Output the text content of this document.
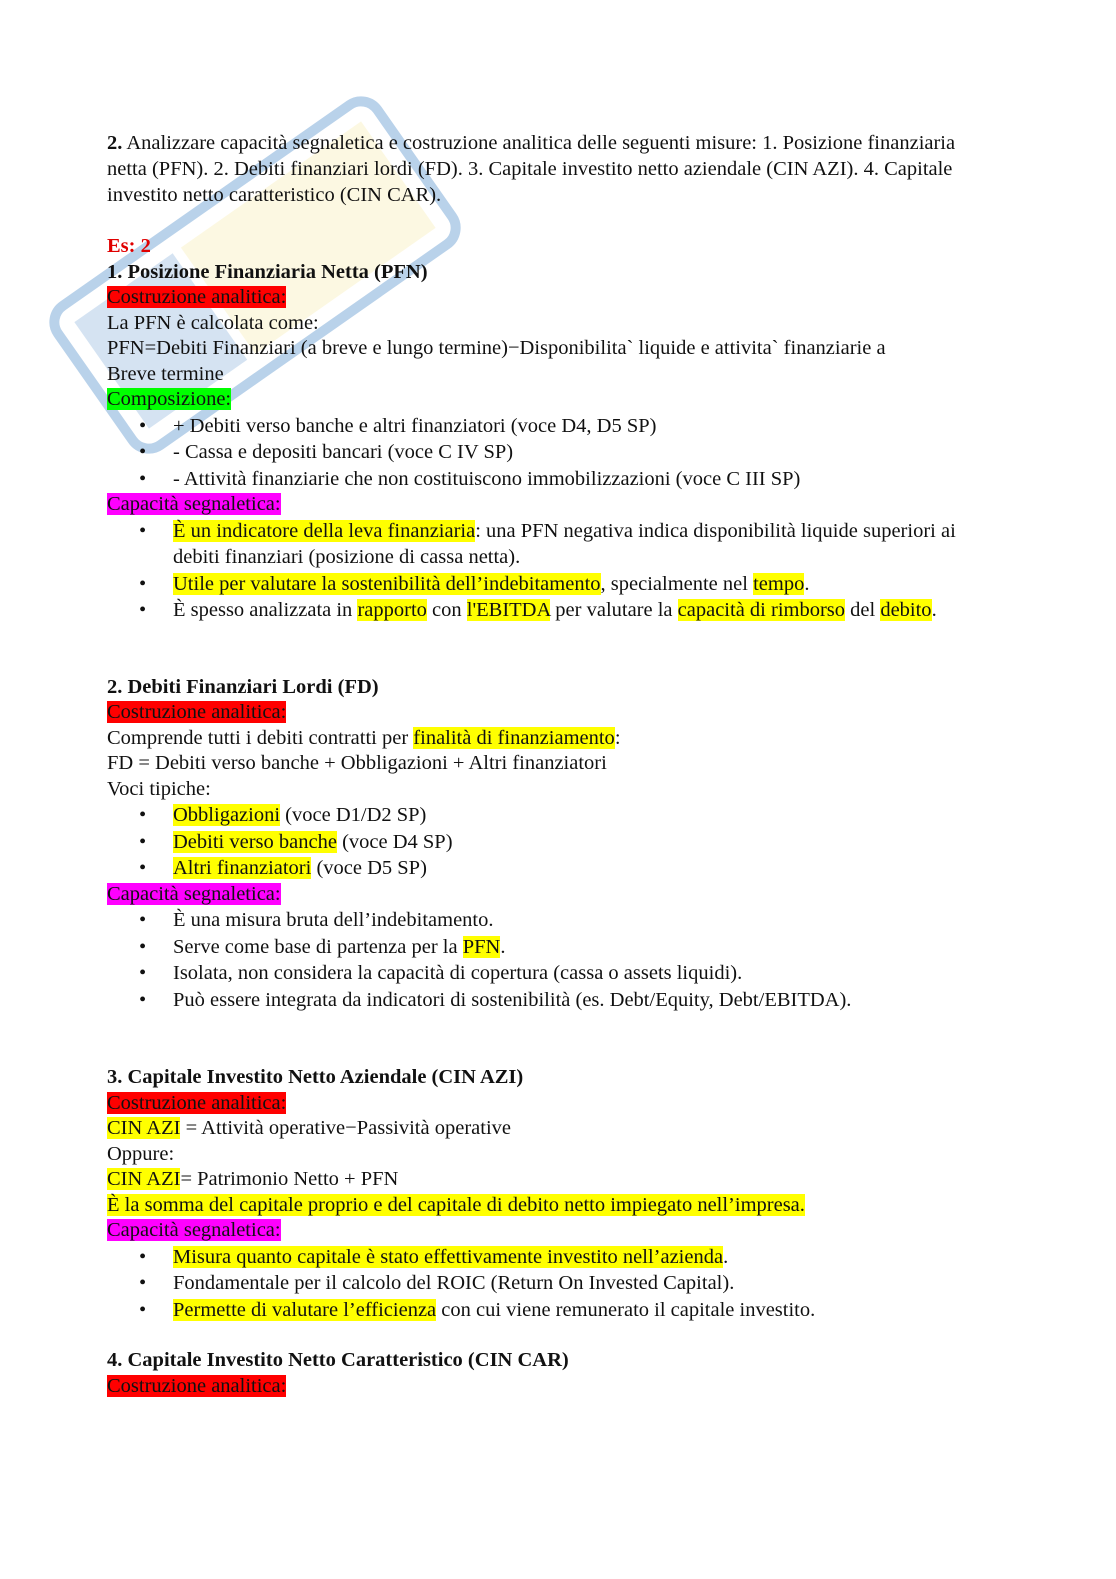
2. Analizzare capacità segnaletica e costruzione analitica delle seguenti misure: 1. Posizione finanziaria netta (PFN). 2. Debiti finanziari lordi (FD). 3. Capitale investito netto aziendale (CIN AZI). 4. Capitale investito netto caratteristico (CIN CAR).
Es: 2
1. Posizione Finanziaria Netta (PFN)
Costruzione analitica:
La PFN è calcolata come:
PFN=Debiti Finanziari (a breve e lungo termine)−Disponibilita` liquide e attivita` finanziarie a
Breve termine
Composizione:
• + Debiti verso banche e altri finanziatori (voce D4, D5 SP)
• - Cassa e depositi bancari (voce C IV SP)
• - Attività finanziarie che non costituiscono immobilizzazioni (voce C III SP)
Capacità segnaletica:
• È un indicatore della leva finanziaria: una PFN negativa indica disponibilità liquide superiori ai debiti finanziari (posizione di cassa netta).
• Utile per valutare la sostenibilità dell’indebitamento, specialmente nel tempo.
• È spesso analizzata in rapporto con l'EBITDA per valutare la capacità di rimborso del debito.
2. Debiti Finanziari Lordi (FD)
Costruzione analitica:
Comprende tutti i debiti contratti per finalità di finanziamento:
FD = Debiti verso banche + Obbligazioni + Altri finanziatori
Voci tipiche:
• Obbligazioni (voce D1/D2 SP)
• Debiti verso banche (voce D4 SP)
• Altri finanziatori (voce D5 SP)
Capacità segnaletica:
• È una misura bruta dell’indebitamento.
• Serve come base di partenza per la PFN.
• Isolata, non considera la capacità di copertura (cassa o assets liquidi).
• Può essere integrata da indicatori di sostenibilità (es. Debt/Equity, Debt/EBITDA).
3. Capitale Investito Netto Aziendale (CIN AZI)
Costruzione analitica:
CIN AZI = Attività operative−Passività operative
Oppure:
CIN AZI= Patrimonio Netto + PFN
È la somma del capitale proprio e del capitale di debito netto impiegato nell’impresa.
Capacità segnaletica:
• Misura quanto capitale è stato effettivamente investito nell’azienda.
• Fondamentale per il calcolo del ROIC (Return On Invested Capital).
• Permette di valutare l’efficienza con cui viene remunerato il capitale investito.
4. Capitale Investito Netto Caratteristico (CIN CAR)
Costruzione analitica:
